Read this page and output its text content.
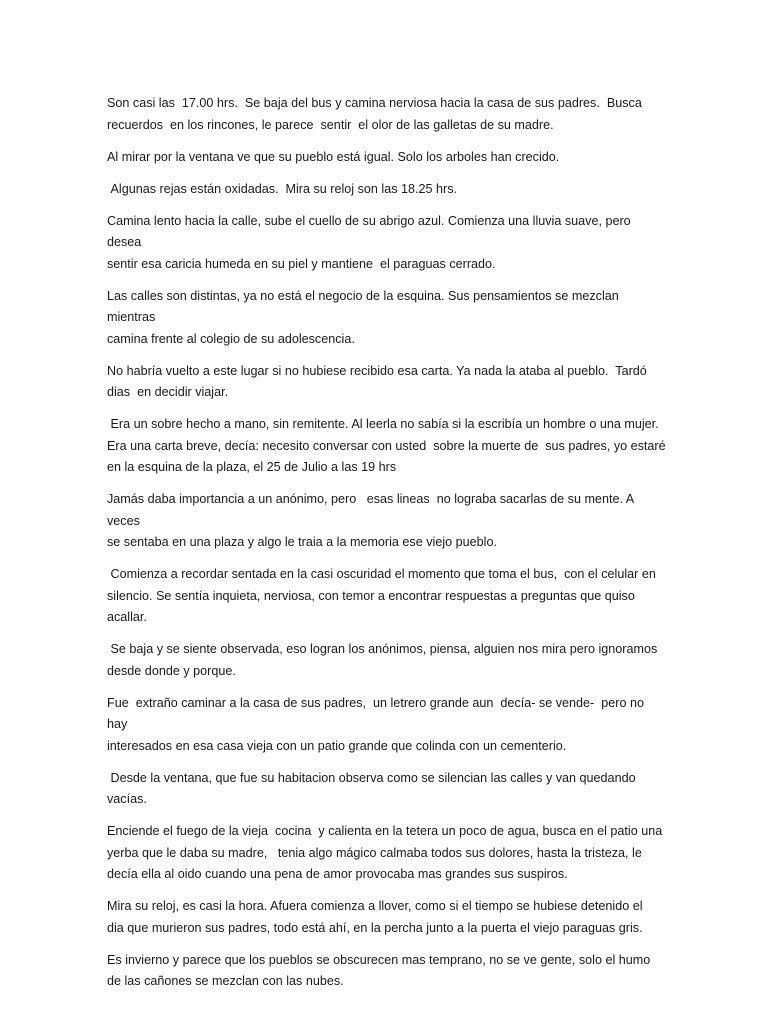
Son casi las  17.00 hrs.  Se baja del bus y camina nerviosa hacia la casa de sus padres.  Busca
recuerdos  en los rincones, le parece  sentir  el olor de las galletas de su madre.

Al mirar por la ventana ve que su pueblo está igual. Solo los arboles han crecido.

Algunas rejas están oxidadas.  Mira su reloj son las 18.25 hrs.

Camina lento hacia la calle, sube el cuello de su abrigo azul. Comienza una lluvia suave, pero desea
sentir esa caricia humeda en su piel y mantiene  el paraguas cerrado.

Las calles son distintas, ya no está el negocio de la esquina. Sus pensamientos se mezclan mientras
camina frente al colegio de su adolescencia.

No habría vuelto a este lugar si no hubiese recibido esa carta. Ya nada la ataba al pueblo.  Tardó
dias  en decidir viajar.

Era un sobre hecho a mano, sin remitente. Al leerla no sabía si la escribía un hombre o una mujer.
Era una carta breve, decía: necesito conversar con usted  sobre la muerte de  sus padres, yo estaré
en la esquina de la plaza, el 25 de Julio a las 19 hrs

Jamás daba importancia a un anónimo, pero   esas lineas  no lograba sacarlas de su mente. A veces
se sentaba en una plaza y algo le traia a la memoria ese viejo pueblo.

Comienza a recordar sentada en la casi oscuridad el momento que toma el bus,  con el celular en
silencio. Se sentía inquieta, nerviosa, con temor a encontrar respuestas a preguntas que quiso
acallar.

Se baja y se siente observada, eso logran los anónimos, piensa, alguien nos mira pero ignoramos
desde donde y porque.

Fue  extraño caminar a la casa de sus padres,  un letrero grande aun  decía- se vende-  pero no hay
interesados en esa casa vieja con un patio grande que colinda con un cementerio.

Desde la ventana, que fue su habitacion observa como se silencian las calles y van quedando
vacías.

Enciende el fuego de la vieja  cocina  y calienta en la tetera un poco de agua, busca en el patio una
yerba que le daba su madre,   tenia algo mágico calmaba todos sus dolores, hasta la tristeza, le
decía ella al oido cuando una pena de amor provocaba mas grandes sus suspiros.

Mira su reloj, es casi la hora. Afuera comienza a llover, como si el tiempo se hubiese detenido el
dia que murieron sus padres, todo está ahí, en la percha junto a la puerta el viejo paraguas gris.

Es invierno y parece que los pueblos se obscurecen mas temprano, no se ve gente, solo el humo
de las cañones se mezclan con las nubes.
